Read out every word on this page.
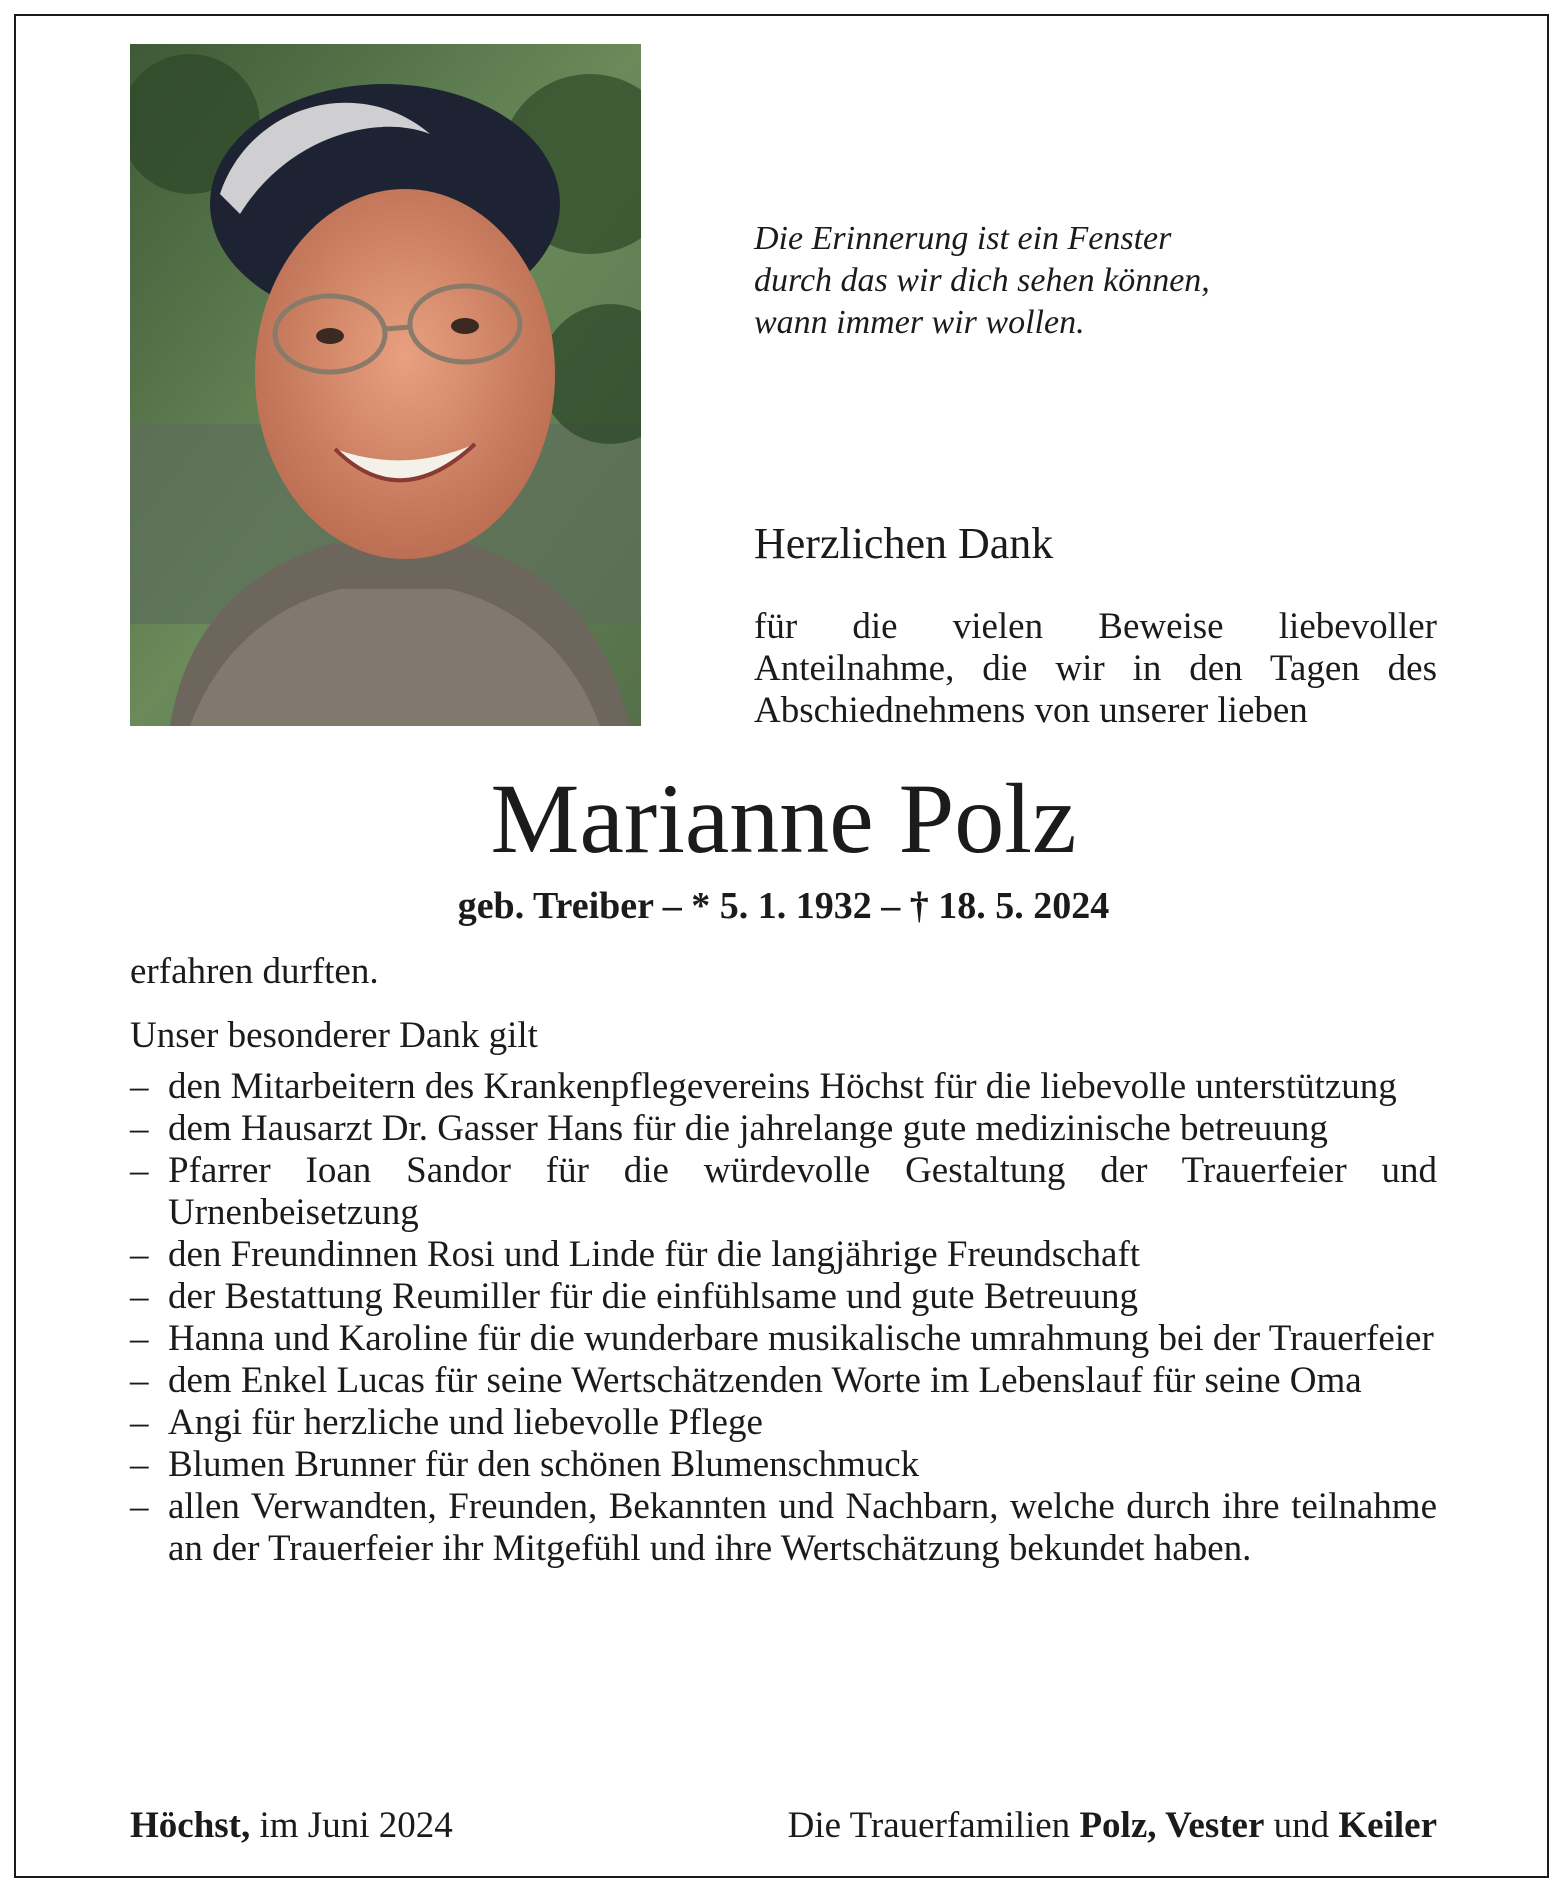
Die Erinnerung ist ein Fenster
durch das wir dich sehen können,
wann immer wir wollen.
Herzlichen Dank
für die vielen Beweise liebevoller Anteilnahme, die wir in den Tagen des Abschiednehmens von unserer lieben
Marianne Polz
geb. Treiber – * 5. 1. 1932 – † 18. 5. 2024
erfahren durften.
Unser besonderer Dank gilt
– den Mitarbeitern des Krankenpflegevereins Höchst für die liebevolle unterstützung
– dem Hausarzt Dr. Gasser Hans für die jahrelange gute medizinische betreuung
– Pfarrer Ioan Sandor für die würdevolle Gestaltung der Trauerfeier und Urnenbeisetzung
– den Freundinnen Rosi und Linde für die langjährige Freundschaft
– der Bestattung Reumiller für die einfühlsame und gute Betreuung
– Hanna und Karoline für die wunderbare musikalische umrahmung bei der Trauerfeier
– dem Enkel Lucas für seine Wertschätzenden Worte im Lebenslauf für seine Oma
– Angi für herzliche und liebevolle Pflege
– Blumen Brunner für den schönen Blumenschmuck
– allen Verwandten, Freunden, Bekannten und Nachbarn, welche durch ihre teilnahme an der Trauerfeier ihr Mitgefühl und ihre Wertschätzung bekundet haben.
Höchst, im Juni 2024	Die Trauerfamilien Polz, Vester und Keiler
